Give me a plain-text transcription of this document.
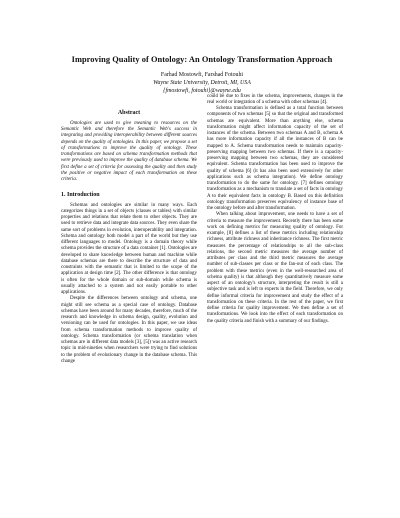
Improving Quality of Ontology: An Ontology Transformation Approach
Farhad Mostowfi, Farshad Fotouhi
Wayne State University, Detroit, MI, USA
{fmostowfi, fotouhi}@wayne.edu
Abstract

Ontologies are used to give meaning to resources on the Semantic Web and therefore the Semantic Web's success in integrating and providing interoperability between different sources depends on the quality of ontologies. In this paper, we propose a set of transformations to improve the quality of ontology. These transformations are based on schema transformation methods that were previously used to improve the quality of database schema. We first define a set of criteria for assessing the quality and then study the positive or negative impact of each transformation on these criteria.

1. Introduction

Schemas and ontologies are similar in many ways. Each categorizes things in a set of objects (classes or tables) with similar properties and relations that relate them to other objects. They are used to retrieve data and integrate data sources. They even share the same sort of problems in evolution, interoperability and integration. Schema and ontology both model a part of the world but they use different languages to model. Ontology is a domain theory while schema provides the structure of a data container [1]. Ontologies are developed to share knowledge between human and machine while database schemas are there to describe the structure of data and constraints with the semantic that is limited to the scope of the application at design time [2]. The other difference is that ontology is often for the whole domain or sub-domain while schema is usually attached to a system and not easily portable to other applications.

Despite the differences between ontology and schema, one might still see schema as a special case of ontology. Database schemas have been around for many decades, therefore, much of the research and knowledge in schema design, quality, evolution and versioning can be used for ontologies. In this paper, we use ideas from schema transformation methods to improve quality of ontology. Schema transformation (or schema translation when schemas are in different data models [3], [5]) was an active research topic in mid-nineties when researchers were trying to find solutions to the problem of evolutionary change in the database schema. This change

could be due to fixes in the schema, improvements, changes in the real world or integration of a schema with other schemas [4].

Schema transformation is defined as a total function between components of two schemas [5] so that the original and transformed schemas are equivalent. More than anything else, schema transformation might affect information capacity of the set of instances of the schema. Between two schemas A and B, schema A has more information capacity if all the instances of B can be mapped to A. Schema transformation needs to maintain capacity-preserving mapping between two schemas. If there is a capacity-preserving mapping between two schemas, they are considered equivalent. Schema transformation has been used to improve the quality of schema [6] (it has also been used extensively for other applications such as schema integration). We define ontology transformation to do the same for ontology. [7] defines ontology transformation as a mechanism to translate a set of facts in ontology A to their equivalent facts in ontology B. Based on this definition ontology transformation preserves equivalency of instance base of the ontology before and after transformation.

When talking about improvement, one needs to have a set of criteria to measure the improvement. Recently there has been some work on defining metrics for measuring quality of ontology. For example, [8] defines a list of these metrics including relationship richness, attribute richness and inheritance richness. The first metric measures the percentage of relationships to all the sub-class relations, the second metric measures the average number of attributes per class and the third metric measures the average number of sub-classes per class or the fan-out of each class. The problem with these metrics (even in the well-researched area of schema quality) is that although they quantitatively measure some aspect of an ontology's structure, interpreting the result is still a subjective task and is left to experts in the field. Therefore, we only define informal criteria for improvement and study the effect of a transformation on these criteria. In the rest of the paper, we first define criteria for quality improvement. We then define a set of transformations. We look into the effect of each transformation on the quality criteria and finish with a summary of our findings.
